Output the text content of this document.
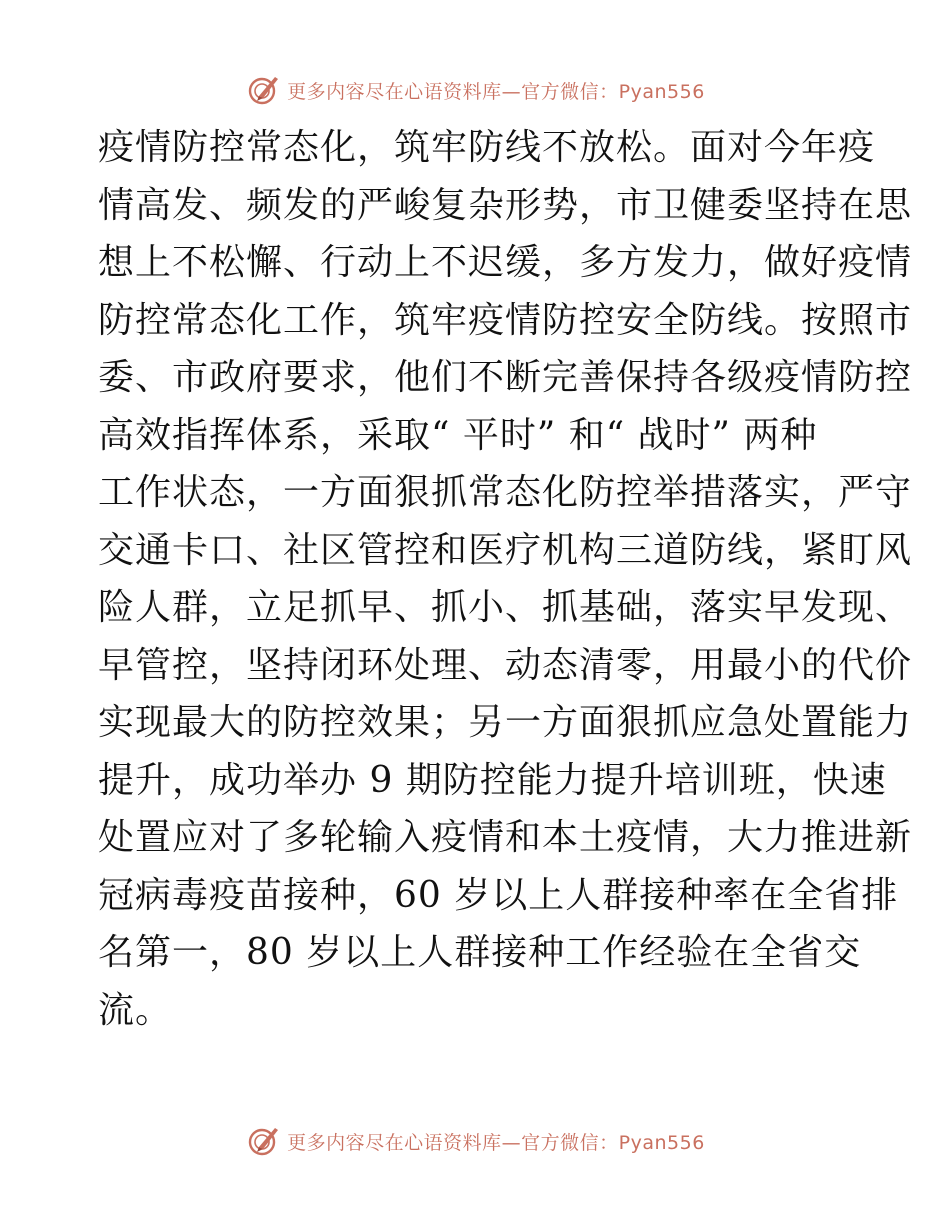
更多内容尽在心语资料库—官方微信：Pyan556
疫情防控常态化，筑牢防线不放松。面对今年疫
情高发、频发的严峻复杂形势，市卫健委坚持在思
想上不松懈、行动上不迟缓，多方发力，做好疫情
防控常态化工作，筑牢疫情防控安全防线。按照市
委、市政府要求，他们不断完善保持各级疫情防控
高效指挥体系，采取“ 平时” 和“ 战时” 两种
工作状态，一方面狠抓常态化防控举措落实，严守
交通卡口、社区管控和医疗机构三道防线，紧盯风
险人群，立足抓早、抓小、抓基础，落实早发现、
早管控，坚持闭环处理、动态清零，用最小的代价
实现最大的防控效果；另一方面狠抓应急处置能力
提升，成功举办 9 期防控能力提升培训班，快速
处置应对了多轮输入疫情和本土疫情，大力推进新
冠病毒疫苗接种，60 岁以上人群接种率在全省排
名第一，80 岁以上人群接种工作经验在全省交
流。
更多内容尽在心语资料库—官方微信：Pyan556
